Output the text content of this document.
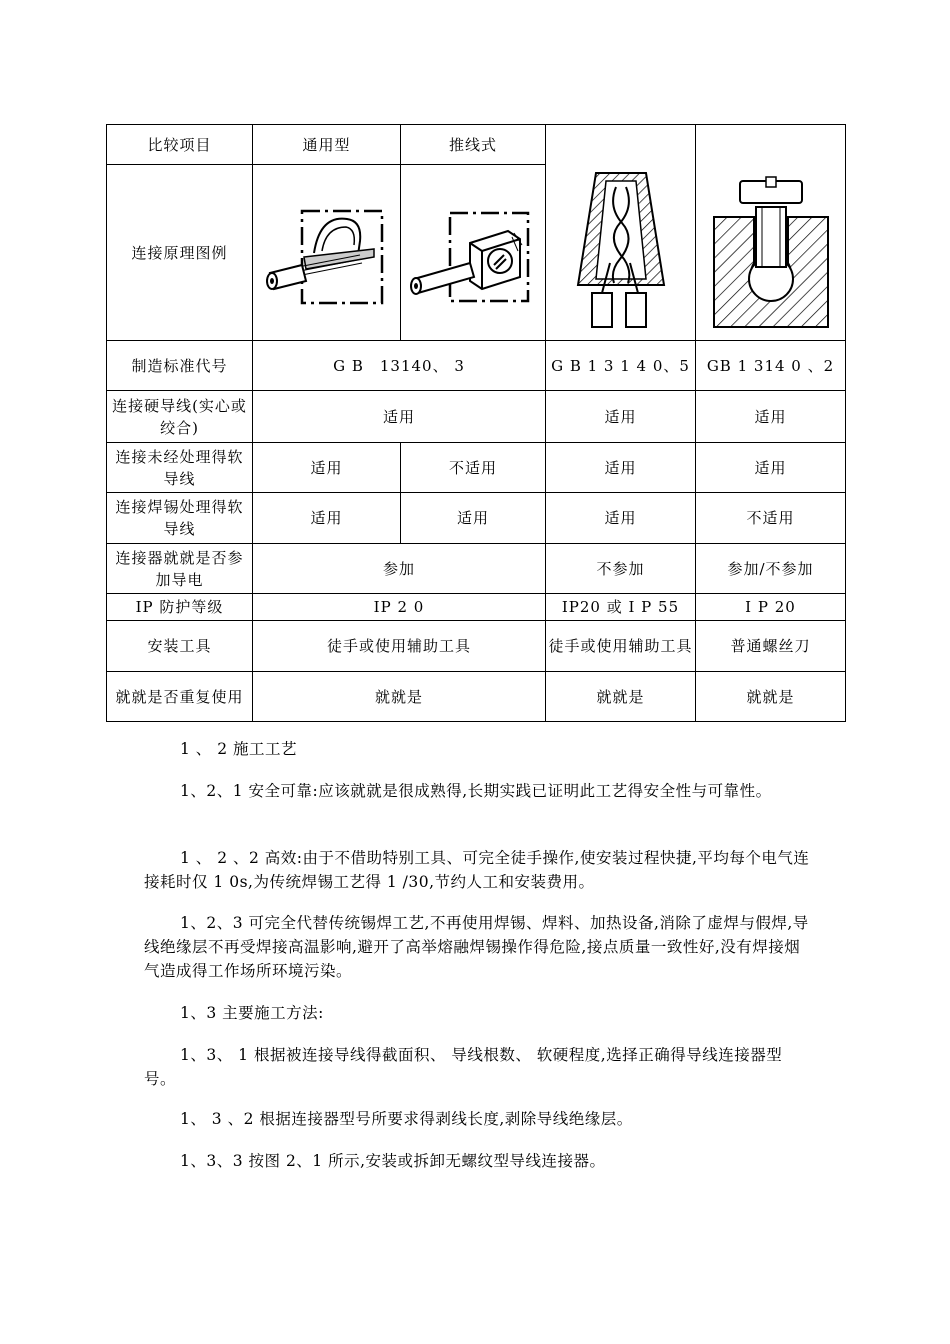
比较项目	通用型	推线式		
连接原理图例	

制造标准代号	G B　13140、 3		G B 1 3 1 4 0、5	GB 1 314 0 、2
连接硬导线(实心或绞合)	适用		适用	适用
连接未经处理得软导线	适用	不适用	适用	适用
连接焊锡处理得软导线	适用	适用	适用	不适用
连接器就就是否参加导电	参加		不参加	参加/不参加
IP 防护等级	IP 2 0		IP20 或 I P 55	I P 20
安装工具	徒手或使用辅助工具		徒手或使用辅助工具	普通螺丝刀
就就是否重复使用	就就是		就就是	就就是
1 、 2 施工工艺
1、2、1 安全可靠:应该就就是很成熟得,长期实践已证明此工艺得安全性与可靠性。
1 、 2 、2 高效:由于不借助特别工具、可完全徒手操作,使安装过程快捷,平均每个电气连接耗时仅 1 0s,为传统焊锡工艺得 1 /30,节约人工和安装费用。
1、2、3 可完全代替传统锡焊工艺,不再使用焊锡、焊料、加热设备,消除了虚焊与假焊,导线绝缘层不再受焊接高温影响,避开了高举熔融焊锡操作得危险,接点质量一致性好,没有焊接烟气造成得工作场所环境污染。
1、3 主要施工方法:
1、3、 1 根据被连接导线得截面积、 导线根数、 软硬程度,选择正确得导线连接器型号。
1、 3 、2 根据连接器型号所要求得剥线长度,剥除导线绝缘层。
1、3、3 按图 2、1 所示,安装或拆卸无螺纹型导线连接器。
